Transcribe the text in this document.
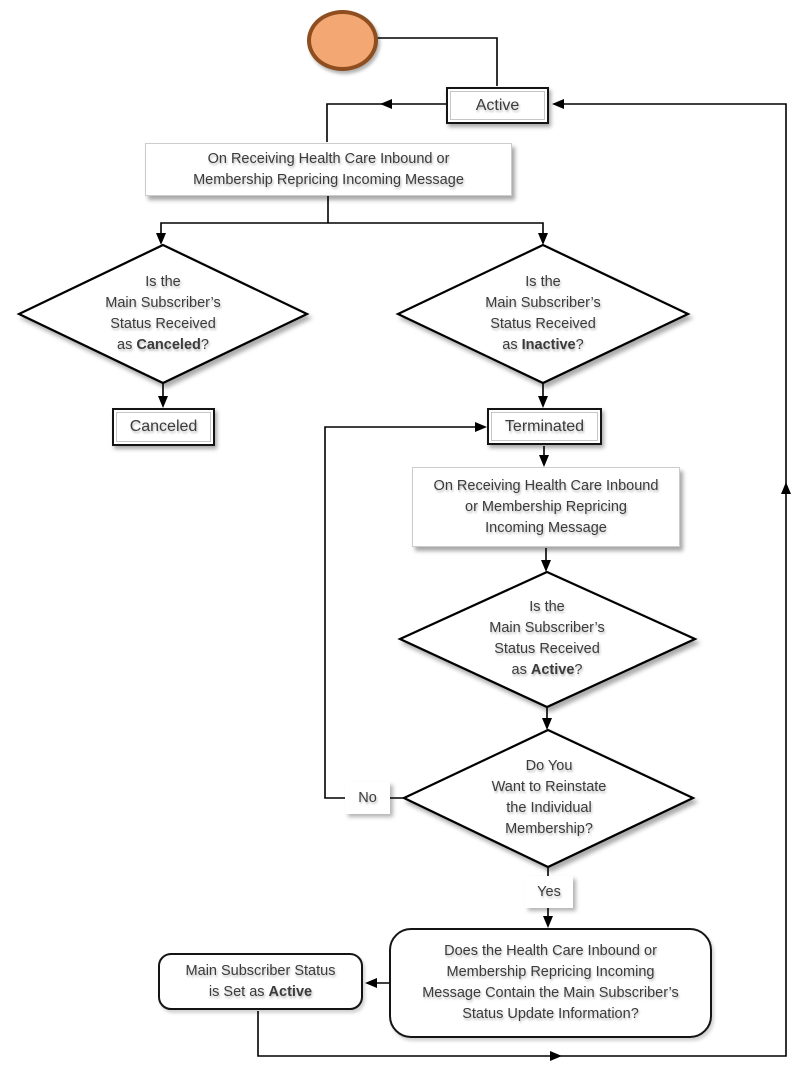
Active
Canceled	Terminated
On Receiving Health Care Inbound or
Membership Repricing Incoming Message
On Receiving Health Care Inbound
or Membership Repricing
Incoming Message
Is the
Main Subscriber’s
Status Received
as Canceled?
Is the
Main Subscriber’s
Status Received
as Inactive?
Is the
Main Subscriber’s
Status Received
as Active?
Do You
Want to Reinstate
the Individual
Membership?
Does the Health Care Inbound or
Membership Repricing Incoming
Message Contain the Main Subscriber’s
Status Update Information?
Main Subscriber Status
is Set as Active
No
Yes
